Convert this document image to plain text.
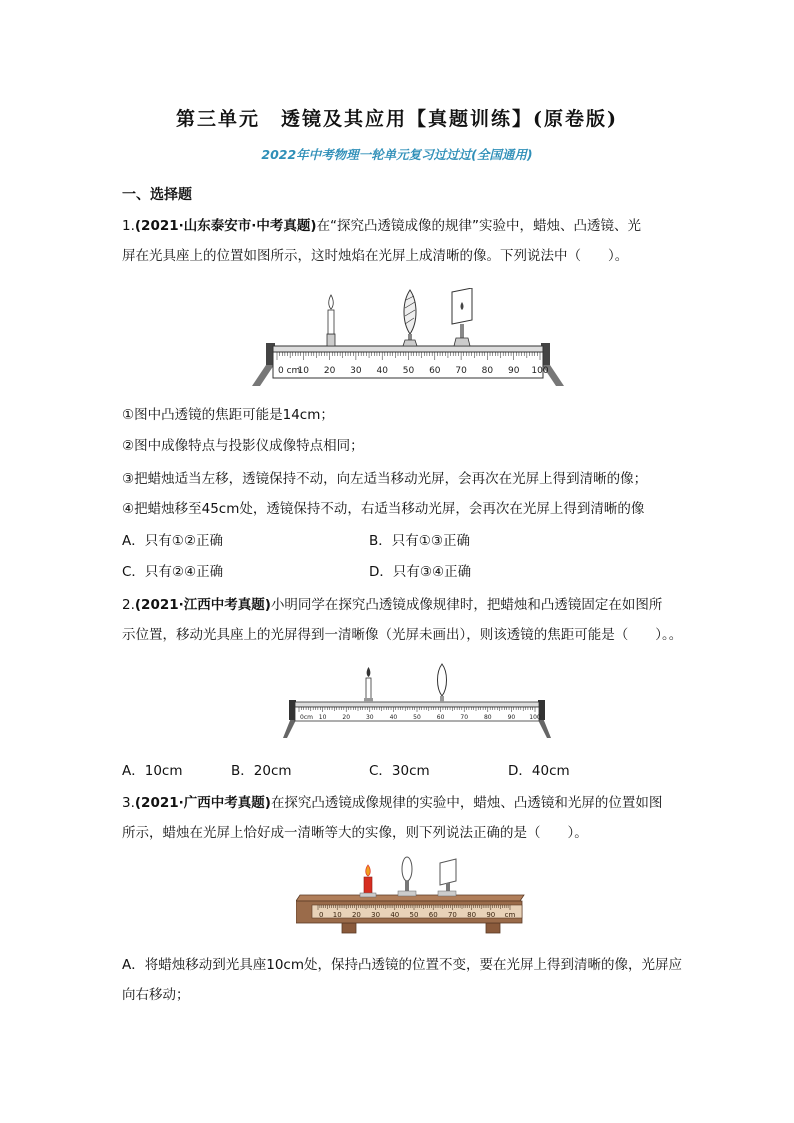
第三单元　透镜及其应用【真题训练】(原卷版)
2022年中考物理一轮单元复习过过过(全国通用)
一、选择题
1.(2021·山东泰安市·中考真题)在“探究凸透镜成像的规律”实验中，蜡烛、凸透镜、光
屏在光具座上的位置如图所示，这时烛焰在光屏上成清晰的像。下列说法中（　　）。
0 cm
10 20 30 40 50 60 70 80 90 100
①图中凸透镜的焦距可能是14cm；
②图中成像特点与投影仪成像特点相同；
③把蜡烛适当左移，透镜保持不动，向左适当移动光屏，会再次在光屏上得到清晰的像；
④把蜡烛移至45cm处，透镜保持不动，右适当移动光屏，会再次在光屏上得到清晰的像
A．只有①②正确	B．只有①③正确
C．只有②④正确	D．只有③④正确
2.(2021·江西中考真题)小明同学在探究凸透镜成像规律时，把蜡烛和凸透镜固定在如图所
示位置，移动光具座上的光屏得到一清晰像（光屏未画出），则该透镜的焦距可能是（　　）。。
0cm 10	20	30	40	50	60	70	80	90 100
A．10cm	B．20cm	C．30cm	D．40cm
3.(2021·广西中考真题)在探究凸透镜成像规律的实验中，蜡烛、凸透镜和光屏的位置如图
所示，蜡烛在光屏上恰好成一清晰等大的实像，则下列说法正确的是（　　）。
0 10 20 30 40 50 60 70 80 90 cm
A．将蜡烛移动到光具座10cm处，保持凸透镜的位置不变，要在光屏上得到清晰的像，光屏应
向右移动；
